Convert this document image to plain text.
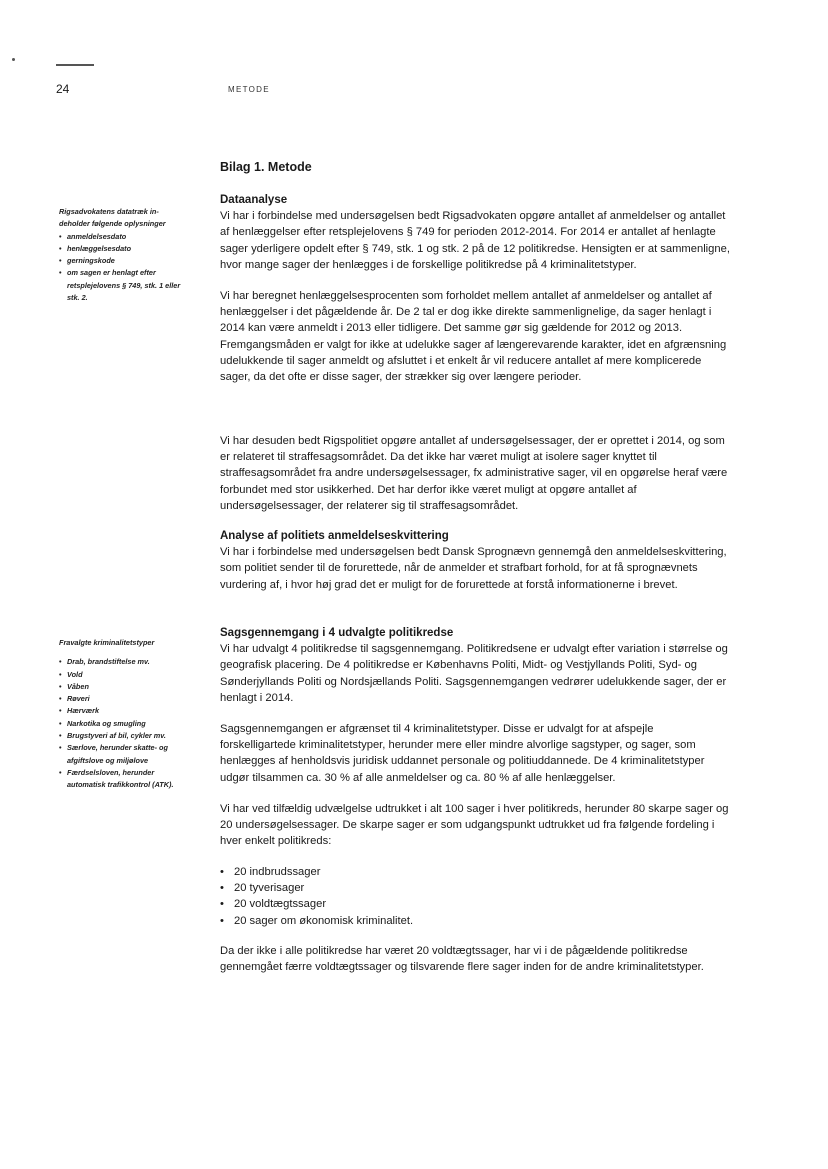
24	METODE
Bilag 1. Metode
Rigsadvokatens datatræk in-deholder følgende oplysninger
• anmeldelsesdato
• henlæggelsesdato
• gerningskode
• om sagen er henlagt efter retsplejelovens § 749, stk. 1 eller stk. 2.
Fravalgte kriminalitetstyper
• Drab, brandstiftelse mv.
• Vold
• Våben
• Røveri
• Hærværk
• Narkotika og smugling
• Brugstyveri af bil, cykler mv.
• Særlove, herunder skatte- og afgiftslove og miljølove
• Færdselsloven, herunder automatisk trafikkontrol (ATK).
Dataanalyse

Vi har i forbindelse med undersøgelsen bedt Rigsadvokaten opgøre antallet af anmeldelser og antallet af henlæggelser efter retsplejelovens § 749 for perioden 2012-2014. For 2014 er antallet af henlagte sager yderligere opdelt efter § 749, stk. 1 og stk. 2 på de 12 politikredse. Hensigten er at sammenligne, hvor mange sager der henlægges i de forskellige politikredse på 4 kriminalitetstyper.

Vi har beregnet henlæggelsesprocenten som forholdet mellem antallet af anmeldelser og antallet af henlæggelser i det pågældende år. De 2 tal er dog ikke direkte sammenlignelige, da sager henlagt i 2014 kan være anmeldt i 2013 eller tidligere. Det samme gør sig gældende for 2012 og 2013. Fremgangsmåden er valgt for ikke at udelukke sager af længerevarende karakter, idet en afgrænsning udelukkende til sager anmeldt og afsluttet i et enkelt år vil reducere antallet af mere komplicerede sager, da det ofte er disse sager, der strækker sig over længere perioder.

Vi har desuden bedt Rigspolitiet opgøre antallet af undersøgelsessager, der er oprettet i 2014, og som er relateret til straffesagsområdet. Da det ikke har været muligt at isolere sager knyttet til straffesagsområdet fra andre undersøgelsessager, fx administrative sager, vil en opgørelse heraf være forbundet med stor usikkerhed. Det har derfor ikke været muligt at opgøre antallet af undersøgelsessager, der relaterer sig til straffesagsområdet.

Analyse af politiets anmeldelseskvittering

Vi har i forbindelse med undersøgelsen bedt Dansk Sprognævn gennemgå den anmeldelseskvittering, som politiet sender til de forurettede, når de anmelder et strafbart forhold, for at få sprognævnets vurdering af, i hvor høj grad det er muligt for de forurettede at forstå informationerne i brevet.

Sagsgennemgang i 4 udvalgte politikredse

Vi har udvalgt 4 politikredse til sagsgennemgang. Politikredsene er udvalgt efter variation i størrelse og geografisk placering. De 4 politikredse er Københavns Politi, Midt- og Vestjyllands Politi, Syd- og Sønderjyllands Politi og Nordsjællands Politi. Sagsgennemgangen vedrører udelukkende sager, der er henlagt i 2014.

Sagsgennemgangen er afgrænset til 4 kriminalitetstyper. Disse er udvalgt for at afspejle forskelligartede kriminalitetstyper, herunder mere eller mindre alvorlige sagstyper, og sager, som henlægges af henholdsvis juridisk uddannet personale og politiuddannede. De 4 kriminalitetstyper udgør tilsammen ca. 30 % af alle anmeldelser og ca. 80 % af alle henlæggelser.

Vi har ved tilfældig udvælgelse udtrukket i alt 100 sager i hver politikreds, herunder 80 skarpe sager og 20 undersøgelsessager. De skarpe sager er som udgangspunkt udtrukket ud fra følgende fordeling i hver enkelt politikreds:

• 20 indbrudssager
• 20 tyverisager
• 20 voldtægtssager
• 20 sager om økonomisk kriminalitet.

Da der ikke i alle politikredse har været 20 voldtægtssager, har vi i de pågældende politikredse gennemgået færre voldtægtssager og tilsvarende flere sager inden for de andre kriminalitetstyper.
